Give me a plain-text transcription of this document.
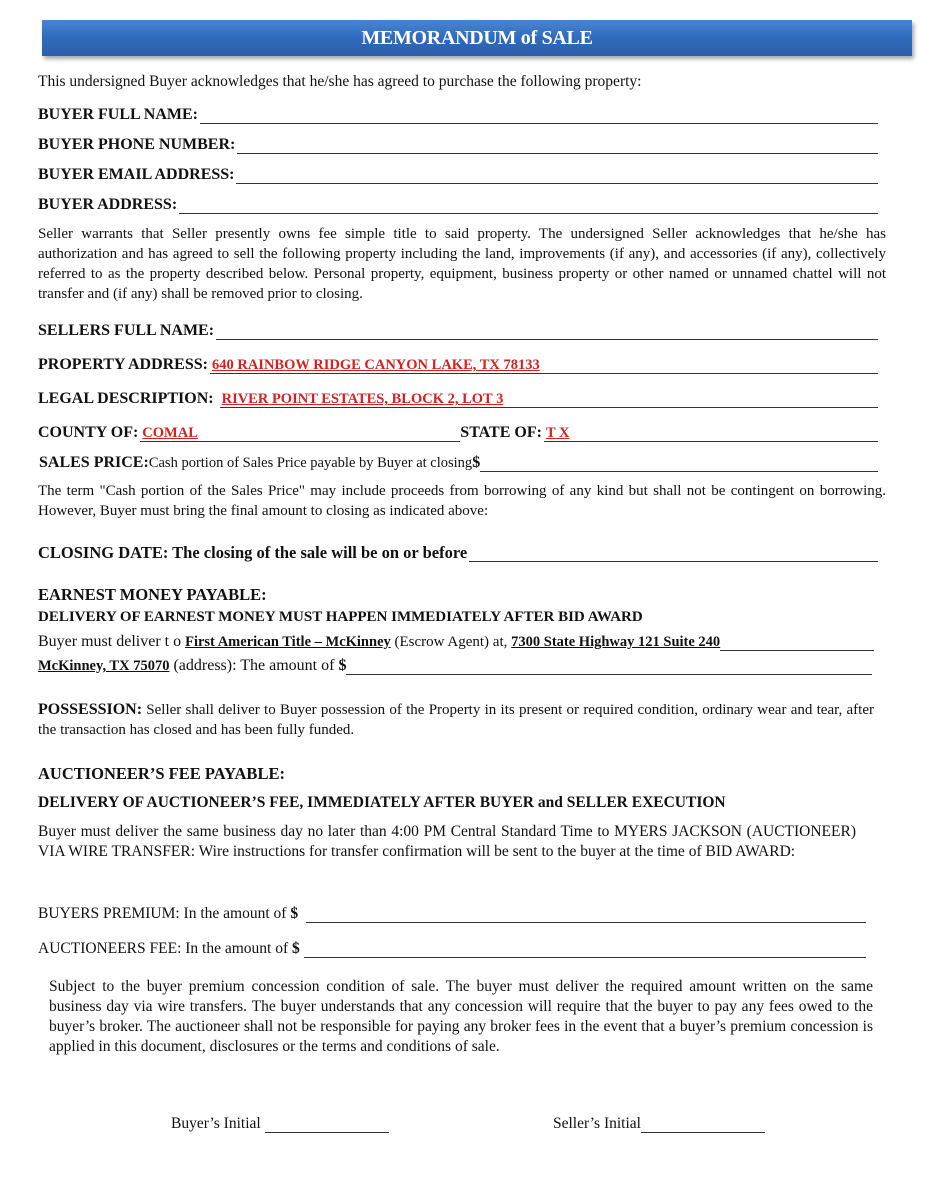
MEMORANDUM of SALE
This undersigned Buyer acknowledges that he/she has agreed to purchase the following property:
BUYER FULL NAME:
BUYER PHONE NUMBER:
BUYER EMAIL ADDRESS:
BUYER ADDRESS:
Seller warrants that Seller presently owns fee simple title to said property. The undersigned Seller acknowledges that he/she has authorization and has agreed to sell the following property including the land, improvements (if any), and accessories (if any), collectively referred to as the property described below. Personal property, equipment, business property or other named or unnamed chattel will not transfer and (if any) shall be removed prior to closing.
SELLERS FULL NAME:
PROPERTY ADDRESS: 640 RAINBOW RIDGE CANYON LAKE, TX 78133
LEGAL DESCRIPTION: RIVER POINT ESTATES, BLOCK 2, LOT 3
COUNTY OF: COMAL	STATE OF: T X
SALES PRICE: Cash portion of Sales Price payable by Buyer at closing $
The term "Cash portion of the Sales Price" may include proceeds from borrowing of any kind but shall not be contingent on borrowing. However, Buyer must bring the final amount to closing as indicated above:
CLOSING DATE: The closing of the sale will be on or before
EARNEST MONEY PAYABLE:
DELIVERY OF EARNEST MONEY MUST HAPPEN IMMEDIATELY AFTER BID AWARD
Buyer must deliver t o First American Title – McKinney (Escrow Agent) at, 7300 State Highway 121 Suite 240
McKinney, TX 75070 (address): The amount of $
POSSESSION: Seller shall deliver to Buyer possession of the Property in its present or required condition, ordinary wear and tear, after the transaction has closed and has been fully funded.
AUCTIONEER’S FEE PAYABLE:
DELIVERY OF AUCTIONEER’S FEE, IMMEDIATELY AFTER BUYER and SELLER EXECUTION
Buyer must deliver the same business day no later than 4:00 PM Central Standard Time to MYERS JACKSON (AUCTIONEER) VIA WIRE TRANSFER: Wire instructions for transfer confirmation will be sent to the buyer at the time of BID AWARD:
BUYERS PREMIUM: In the amount of $
AUCTIONEERS FEE: In the amount of $
Subject to the buyer premium concession condition of sale. The buyer must deliver the required amount written on the same business day via wire transfers. The buyer understands that any concession will require that the buyer to pay any fees owed to the buyer’s broker. The auctioneer shall not be responsible for paying any broker fees in the event that a buyer’s premium concession is applied in this document, disclosures or the terms and conditions of sale.
Buyer’s Initial	Seller’s Initial
